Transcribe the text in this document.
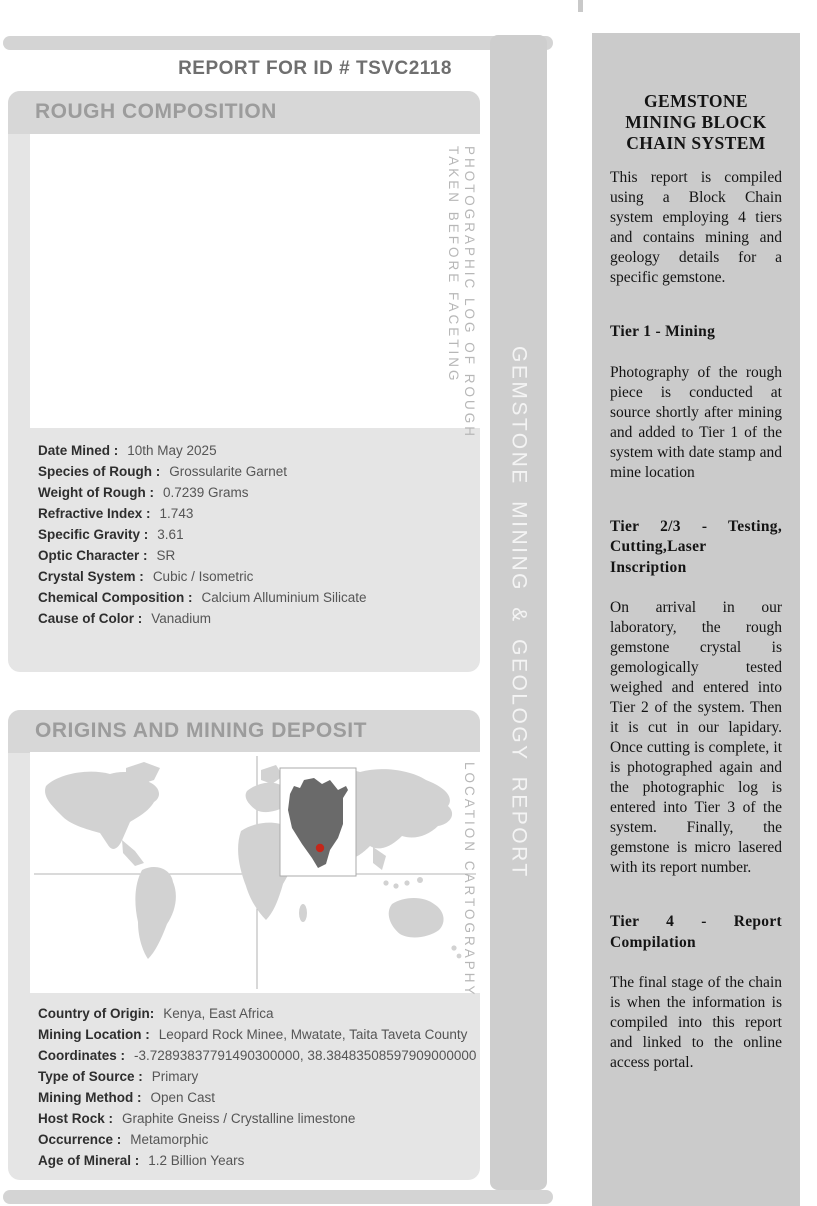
REPORT FOR ID # TSVC2118
ROUGH COMPOSITION
PHOTOGRAPHIC LOG OF ROUGH
TAKEN BEFORE FACETING
Date Mined : 10th May 2025
Species of Rough : Grossularite Garnet
Weight of Rough : 0.7239 Grams
Refractive Index : 1.743
Specific Gravity : 3.61
Optic Character : SR
Crystal System : Cubic / Isometric
Chemical Composition : Calcium Alluminium Silicate
Cause of Color : Vanadium
ORIGINS AND MINING DEPOSIT
LOCATION CARTOGRAPHY
Country of Origin: Kenya, East Africa
Mining Location : Leopard Rock Minee, Mwatate, Taita Taveta County
Coordinates : -3.72893837791490300000, 38.38483508597909000000
Type of Source : Primary
Mining Method : Open Cast
Host Rock : Graphite Gneiss / Crystalline limestone
Occurrence : Metamorphic
Age of Mineral : 1.2 Billion Years
GEMSTONE MINING & GEOLOGY REPORT
GEMSTONE MINING BLOCK CHAIN SYSTEM

This report is compiled using a Block Chain system employing 4 tiers and contains mining and geology details for a specific gemstone.

Tier 1 - Mining

Photography of the rough piece is conducted at source shortly after mining and added to Tier 1 of the system with date stamp and mine location

Tier 2/3 - Testing, Cutting,Laser Inscription

On arrival in our laboratory, the rough gemstone crystal is gemologically tested weighed and entered into Tier 2 of the system. Then it is cut in our lapidary. Once cutting is complete, it is photographed again and the photographic log is entered into Tier 3 of the system. Finally, the gemstone is micro lasered with its report number.

Tier 4 - Report Compilation

The final stage of the chain is when the information is compiled into this report and linked to the online access portal.
